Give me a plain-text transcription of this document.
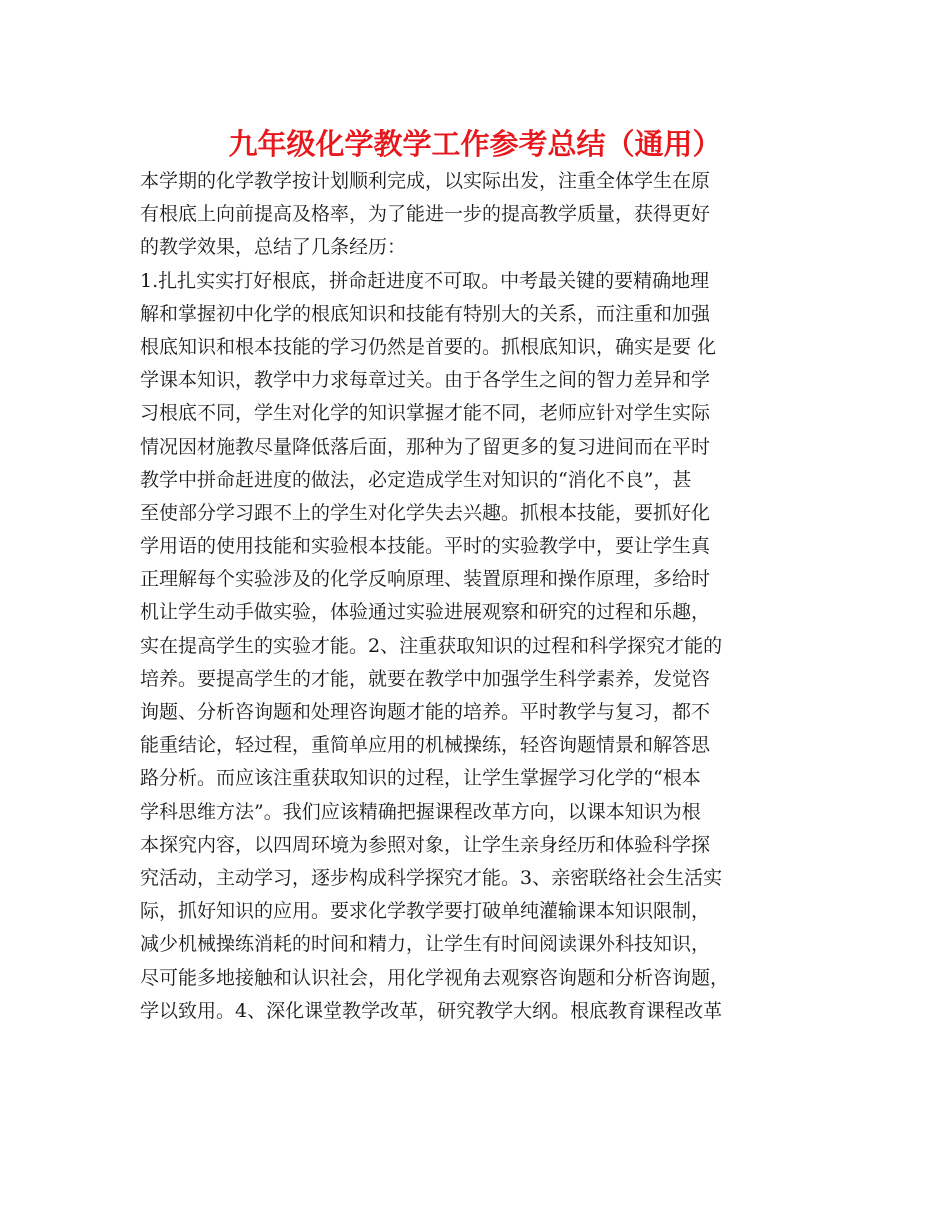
九年级化学教学工作参考总结（通用）
本学期的化学教学按计划顺利完成，以实际出发，注重全体学生在原
有根底上向前提高及格率，为了能进一步的提高教学质量，获得更好
的教学效果，总结了几条经历：
1.扎扎实实打好根底，拼命赶进度不可取。中考最关键的要精确地理
解和掌握初中化学的根底知识和技能有特别大的关系，而注重和加强
根底知识和根本技能的学习仍然是首要的。抓根底知识，确实是要 化
学课本知识，教学中力求每章过关。由于各学生之间的智力差异和学
习根底不同，学生对化学的知识掌握才能不同，老师应针对学生实际
情况因材施教尽量降低落后面，那种为了留更多的复习进间而在平时
教学中拼命赶进度的做法，必定造成学生对知识的“消化不良”，甚
至使部分学习跟不上的学生对化学失去兴趣。抓根本技能，要抓好化
学用语的使用技能和实验根本技能。平时的实验教学中，要让学生真
正理解每个实验涉及的化学反响原理、装置原理和操作原理，多给时
机让学生动手做实验，体验通过实验进展观察和研究的过程和乐趣，
实在提高学生的实验才能。2、注重获取知识的过程和科学探究才能的
培养。要提高学生的才能，就要在教学中加强学生科学素养，发觉咨
询题、分析咨询题和处理咨询题才能的培养。平时教学与复习，都不
能重结论，轻过程，重简单应用的机械操练，轻咨询题情景和解答思
路分析。而应该注重获取知识的过程，让学生掌握学习化学的“根本
学科思维方法”。我们应该精确把握课程改革方向，以课本知识为根
本探究内容，以四周环境为参照对象，让学生亲身经历和体验科学探
究活动，主动学习，逐步构成科学探究才能。3、亲密联络社会生活实
际，抓好知识的应用。要求化学教学要打破单纯灌输课本知识限制，
减少机械操练消耗的时间和精力，让学生有时间阅读课外科技知识，
尽可能多地接触和认识社会，用化学视角去观察咨询题和分析咨询题，
学以致用。4、深化课堂教学改革，研究教学大纲。根底教育课程改革
